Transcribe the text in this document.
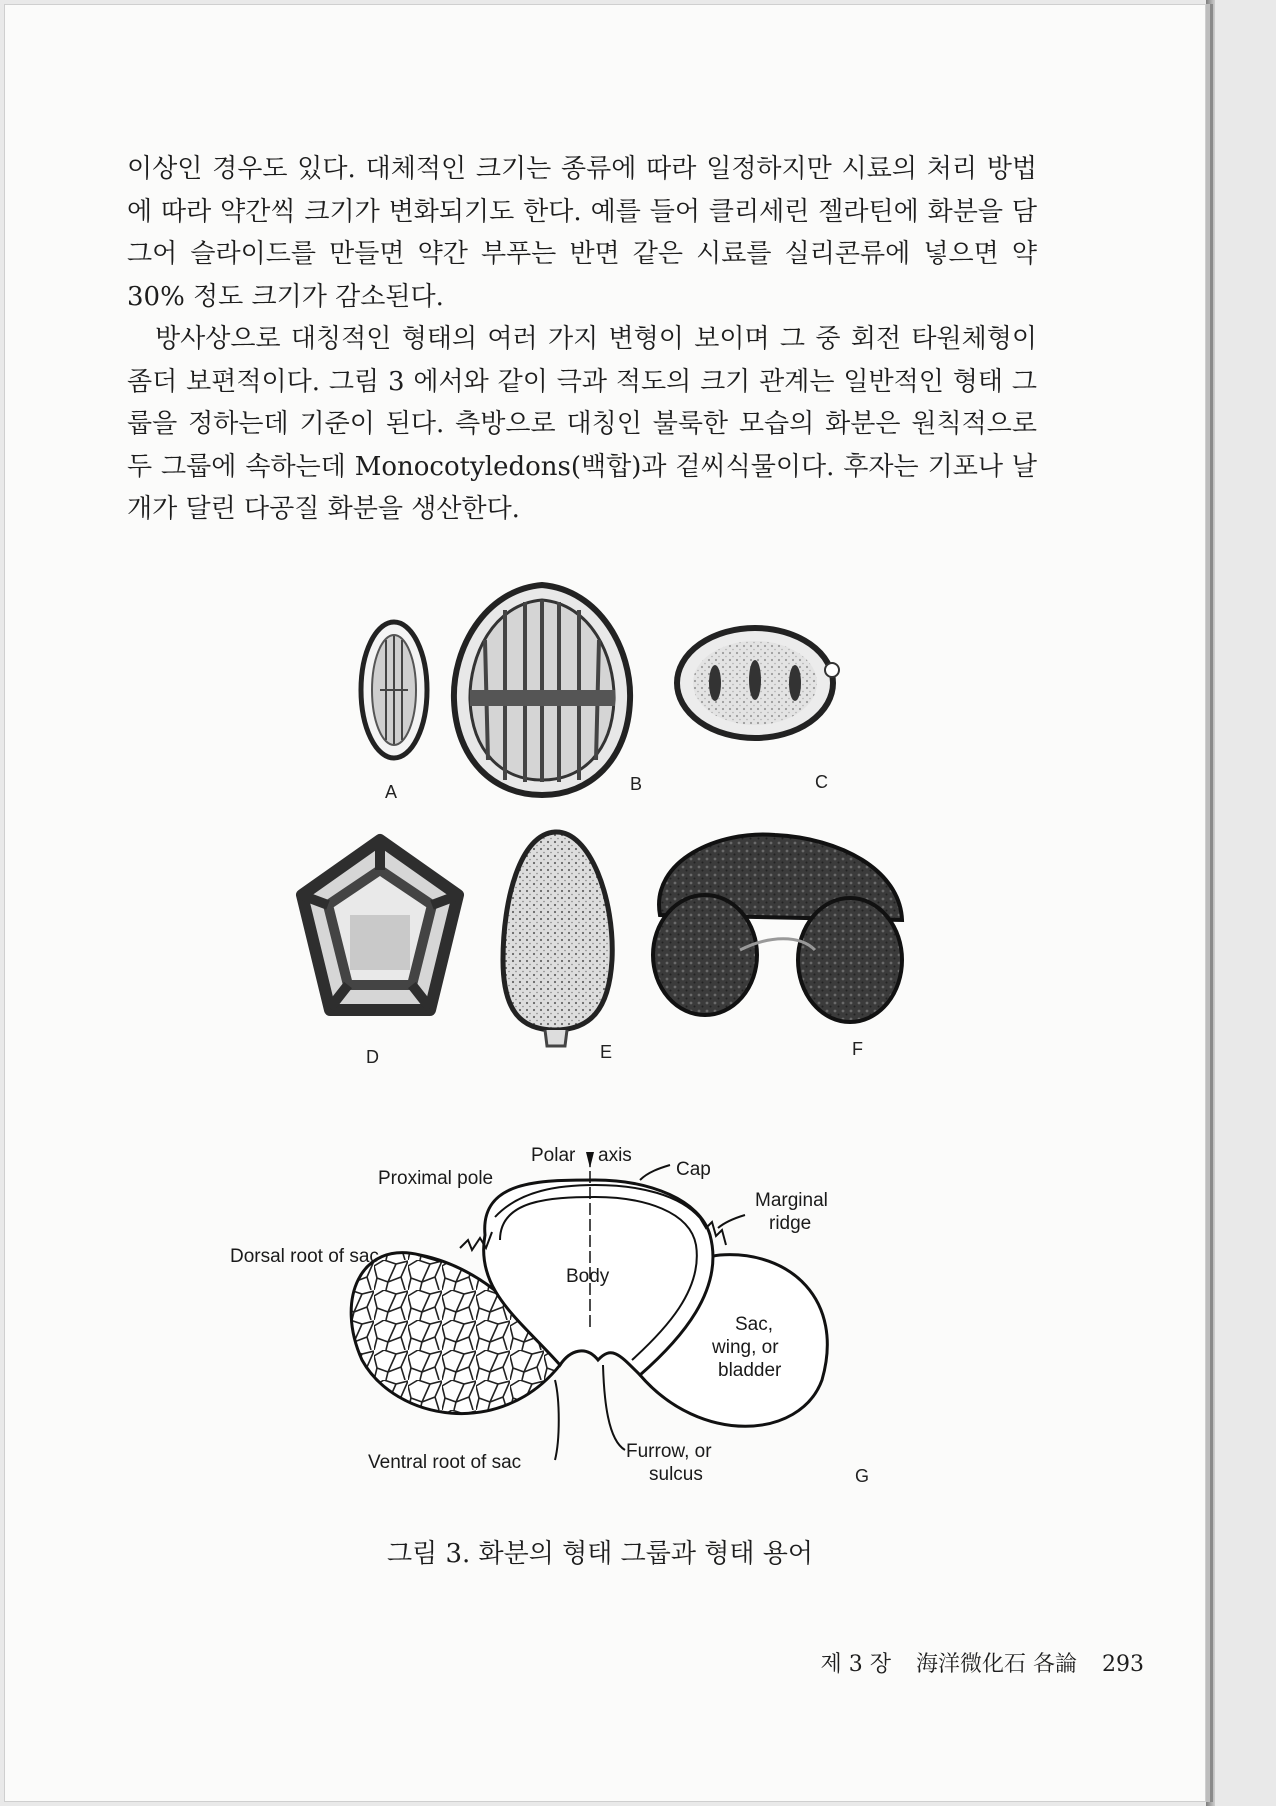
이상인 경우도 있다. 대체적인 크기는 종류에 따라 일정하지만 시료의 처리 방법에 따라 약간씩 크기가 변화되기도 한다. 예를 들어 클리세린 젤라틴에 화분을 담그어 슬라이드를 만들면 약간 부푸는 반면 같은 시료를 실리콘류에 넣으면 약 30% 정도 크기가 감소된다.

방사상으로 대칭적인 형태의 여러 가지 변형이 보이며 그 중 회전 타원체형이 좀더 보편적이다. 그림 3 에서와 같이 극과 적도의 크기 관계는 일반적인 형태 그룹을 정하는데 기준이 된다. 측방으로 대칭인 불룩한 모습의 화분은 원칙적으로 두 그룹에 속하는데 Monocotyledons(백합)과 겉씨식물이다. 후자는 기포나 날개가 달린 다공질 화분을 생산한다.

A	B	C
D	E	F
Proximal pole
Polar axis
Cap
Marginal
ridge
Dorsal root of sac
Body
Sac,
wing, or
bladder
Ventral root of sac
Furrow, or
sulcus	G
그림 3. 화분의 형태 그룹과 형태 용어
제 3 장 海洋微化石 各論 293
